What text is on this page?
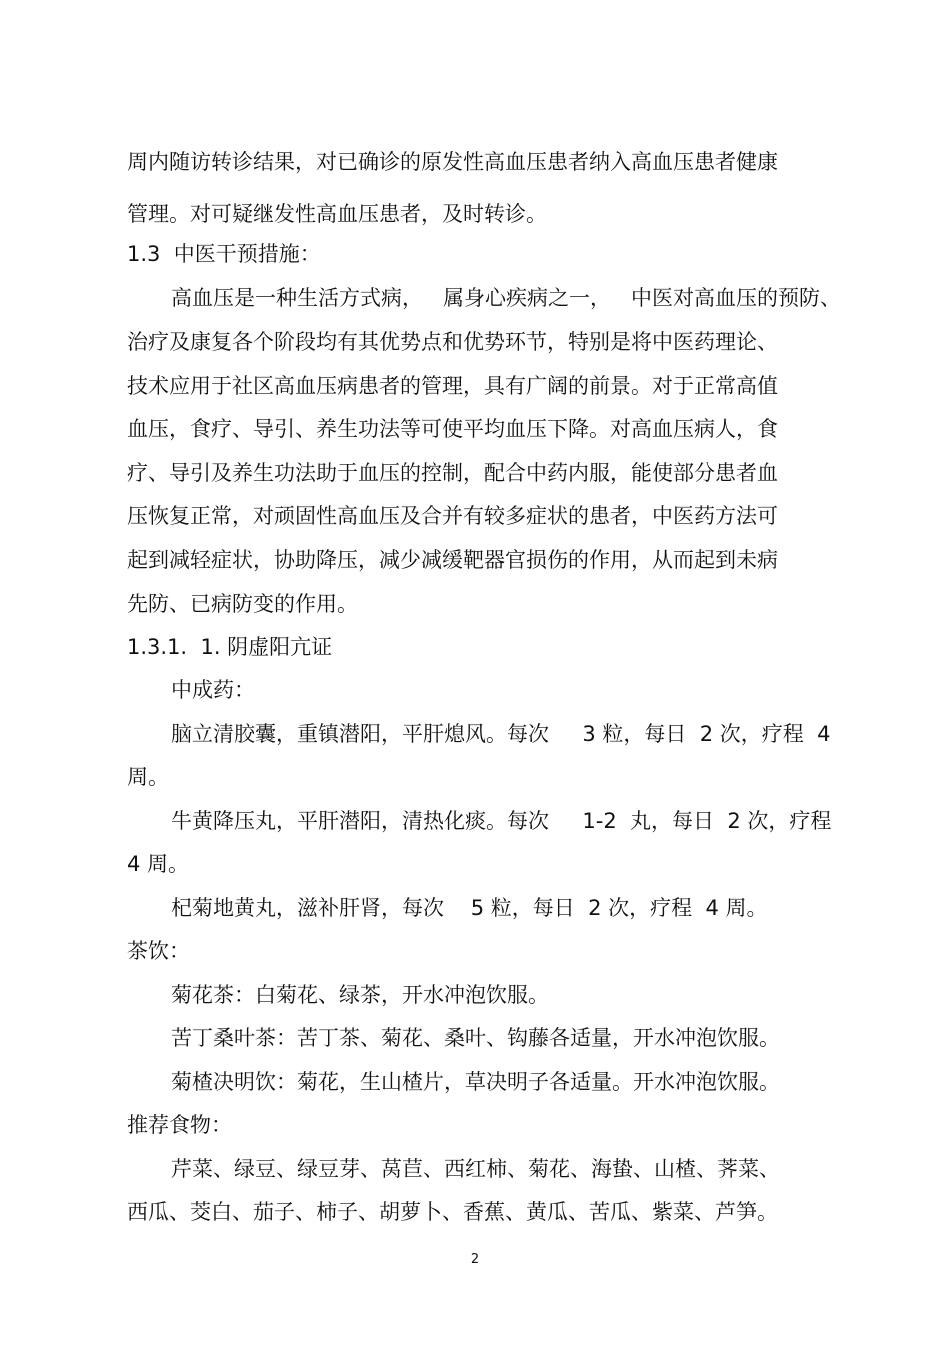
周内随访转诊结果，对已确诊的原发性高血压患者纳入高血压患者健康
管理。对可疑继发性高血压患者，及时转诊。
1.3  中医干预措施：
高血压是一种生活方式病，   属身心疾病之一，   中医对高血压的预防、
治疗及康复各个阶段均有其优势点和优势环节，特别是将中医药理论、
技术应用于社区高血压病患者的管理，具有广阔的前景。对于正常高值
血压，食疗、导引、养生功法等可使平均血压下降。对高血压病人，食
疗、导引及养生功法助于血压的控制，配合中药内服，能使部分患者血
压恢复正常，对顽固性高血压及合并有较多症状的患者，中医药方法可
起到减轻症状，协助降压，减少减缓靶器官损伤的作用，从而起到未病
先防、已病防变的作用。
1.3.1.  1. 阴虚阳亢证
中成药：
脑立清胶囊，重镇潜阳，平肝熄风。每次     3 粒，每日  2 次，疗程  4
周。
牛黄降压丸，平肝潜阳，清热化痰。每次     1-2  丸，每日  2 次，疗程
4 周。
杞菊地黄丸，滋补肝肾，每次    5 粒，每日  2 次，疗程  4 周。
茶饮：
菊花茶：白菊花、绿茶，开水冲泡饮服。
苦丁桑叶茶：苦丁茶、菊花、桑叶、钩藤各适量，开水冲泡饮服。
菊楂决明饮：菊花，生山楂片，草决明子各适量。开水冲泡饮服。
推荐食物：
芹菜、绿豆、绿豆芽、莴苣、西红柿、菊花、海蛰、山楂、荠菜、
西瓜、茭白、茄子、柿子、胡萝卜、香蕉、黄瓜、苦瓜、紫菜、芦笋。
2
